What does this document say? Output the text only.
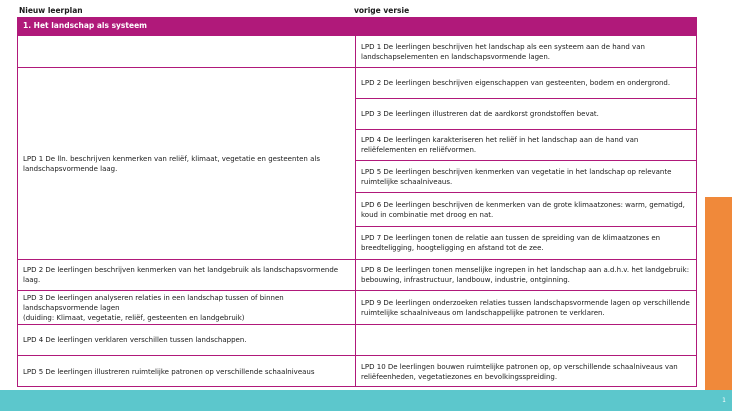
Nieuw leerplan	vorige versie
1. Het landschap als systeem
LPD 1 De lln. beschrijven kenmerken van reliëf, klimaat, vegetatie en gesteenten als landschapsvormende laag.
LPD 2 De leerlingen beschrijven kenmerken van het landgebruik als landschapsvormende laag.
LPD 3 De leerlingen analyseren relaties in een landschap tussen of binnen landschapsvormende lagen
(duiding: Klimaat, vegetatie, reliëf, gesteenten en landgebruik)
LPD 4 De leerlingen verklaren verschillen tussen landschappen.
LPD 5 De leerlingen illustreren ruimtelijke patronen op verschillende schaalniveaus
LPD 1 De leerlingen beschrijven het landschap als een systeem aan de hand van landschapselementen en landschapsvormende lagen.
LPD 2 De leerlingen beschrijven eigenschappen van gesteenten, bodem en ondergrond.
LPD 3 De leerlingen illustreren dat de aardkorst grondstoffen bevat.
LPD 4 De leerlingen karakteriseren het reliëf in het landschap aan de hand van reliëfelementen en reliëfvormen.
LPD 5 De leerlingen beschrijven kenmerken van vegetatie in het landschap op relevante ruimtelijke schaalniveaus.
LPD 6 De leerlingen beschrijven de kenmerken van de grote klimaatzones: warm, gematigd, koud in combinatie met droog en nat.
LPD 7 De leerlingen tonen de relatie aan tussen de spreiding van de klimaatzones en breedteligging, hoogteligging en afstand tot de zee.
LPD 8 De leerlingen tonen menselijke ingrepen in het landschap aan a.d.h.v. het landgebruik: bebouwing, infrastructuur, landbouw, industrie, ontginning.
LPD 9 De leerlingen onderzoeken relaties tussen landschapsvormende lagen op verschillende ruimtelijke schaalniveaus om landschappelijke patronen te verklaren.
LPD 10 De leerlingen bouwen ruimtelijke patronen op, op verschillende schaalniveaus van reliëfeenheden, vegetatiezones en bevolkingsspreiding.
1
